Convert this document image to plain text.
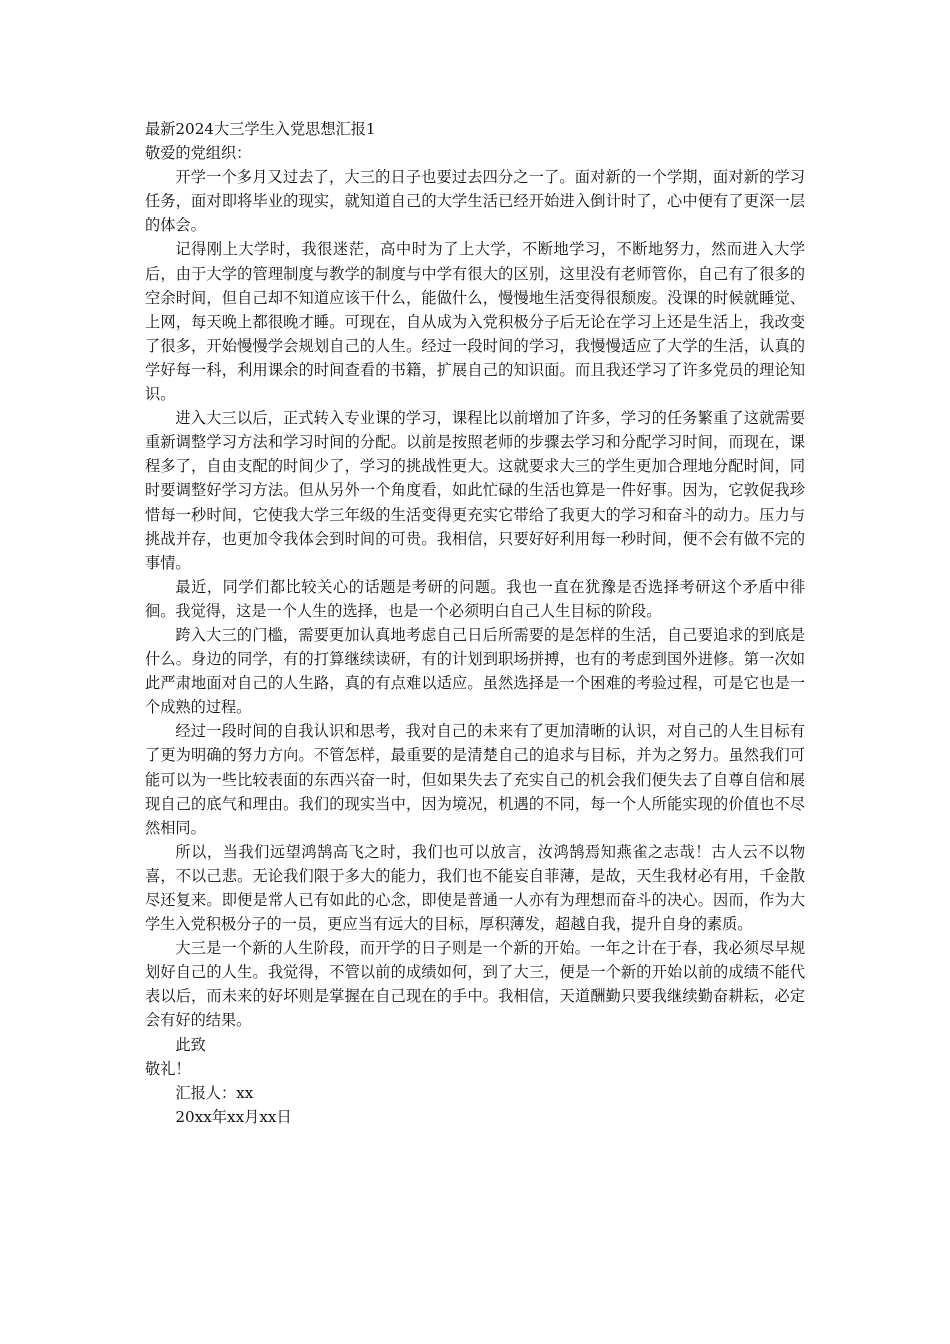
最新2024大三学生入党思想汇报1

敬爱的党组织：

开学一个多月又过去了，大三的日子也要过去四分之一了。面对新的一个学期，面对新的学习任务，面对即将毕业的现实，就知道自己的大学生活已经开始进入倒计时了，心中便有了更深一层的体会。

记得刚上大学时，我很迷茫，高中时为了上大学，不断地学习，不断地努力，然而进入大学后，由于大学的管理制度与教学的制度与中学有很大的区别，这里没有老师管你，自己有了很多的空余时间，但自己却不知道应该干什么，能做什么，慢慢地生活变得很颓废。没课的时候就睡觉、上网，每天晚上都很晚才睡。可现在，自从成为入党积极分子后无论在学习上还是生活上，我改变了很多，开始慢慢学会规划自己的人生。经过一段时间的学习，我慢慢适应了大学的生活，认真的学好每一科，利用课余的时间查看的书籍，扩展自己的知识面。而且我还学习了许多党员的理论知识。

进入大三以后，正式转入专业课的学习，课程比以前增加了许多，学习的任务繁重了这就需要重新调整学习方法和学习时间的分配。以前是按照老师的步骤去学习和分配学习时间，而现在，课程多了，自由支配的时间少了，学习的挑战性更大。这就要求大三的学生更加合理地分配时间，同时要调整好学习方法。但从另外一个角度看，如此忙碌的生活也算是一件好事。因为，它敦促我珍惜每一秒时间，它使我大学三年级的生活变得更充实它带给了我更大的学习和奋斗的动力。压力与挑战并存，也更加令我体会到时间的可贵。我相信，只要好好利用每一秒时间，便不会有做不完的事情。

最近，同学们都比较关心的话题是考研的问题。我也一直在犹豫是否选择考研这个矛盾中徘徊。我觉得，这是一个人生的选择，也是一个必须明白自己人生目标的阶段。

跨入大三的门槛，需要更加认真地考虑自己日后所需要的是怎样的生活，自己要追求的到底是什么。身边的同学，有的打算继续读研，有的计划到职场拼搏，也有的考虑到国外进修。第一次如此严肃地面对自己的人生路，真的有点难以适应。虽然选择是一个困难的考验过程，可是它也是一个成熟的过程。

经过一段时间的自我认识和思考，我对自己的未来有了更加清晰的认识，对自己的人生目标有了更为明确的努力方向。不管怎样，最重要的是清楚自己的追求与目标，并为之努力。虽然我们可能可以为一些比较表面的东西兴奋一时，但如果失去了充实自己的机会我们便失去了自尊自信和展现自己的底气和理由。我们的现实当中，因为境况，机遇的不同，每一个人所能实现的价值也不尽然相同。

所以，当我们远望鸿鹄高飞之时，我们也可以放言，汝鸿鹄焉知燕雀之志哉！古人云不以物喜，不以己悲。无论我们限于多大的能力，我们也不能妄自菲薄，是故，天生我材必有用，千金散尽还复来。即便是常人已有如此的心念，即使是普通一人亦有为理想而奋斗的决心。因而，作为大学生入党积极分子的一员，更应当有远大的目标，厚积薄发，超越自我，提升自身的素质。

大三是一个新的人生阶段，而开学的日子则是一个新的开始。一年之计在于春，我必须尽早规划好自己的人生。我觉得，不管以前的成绩如何，到了大三，便是一个新的开始以前的成绩不能代表以后，而未来的好坏则是掌握在自己现在的手中。我相信，天道酬勤只要我继续勤奋耕耘，必定会有好的结果。

此致

敬礼！

汇报人：xx

20xx年xx月xx日
